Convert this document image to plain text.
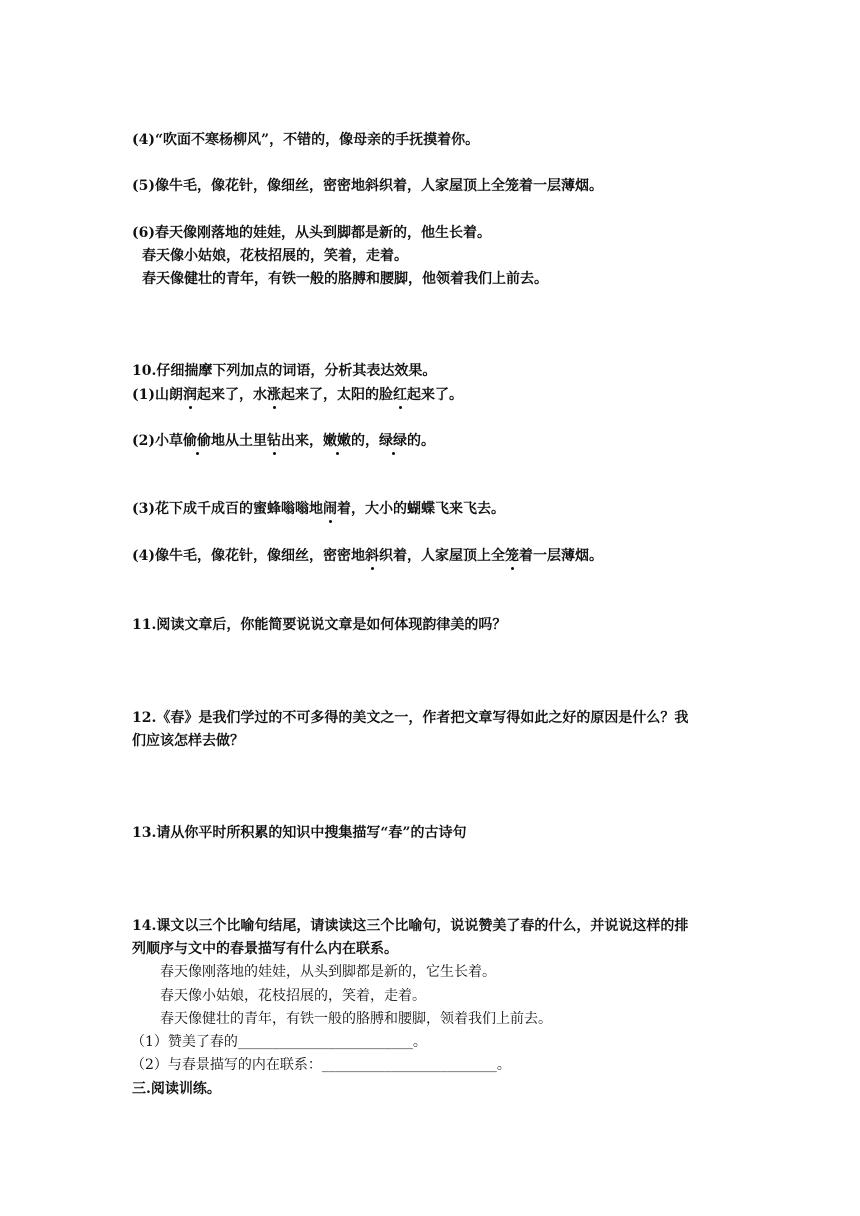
(4)“吹面不寒杨柳风”，不错的，像母亲的手抚摸着你。
(5)像牛毛，像花针，像细丝，密密地斜织着，人家屋顶上全笼着一层薄烟。
(6)春天像刚落地的娃娃，从头到脚都是新的，他生长着。
春天像小姑娘，花枝招展的，笑着，走着。
春天像健壮的青年，有铁一般的胳膊和腰脚，他领着我们上前去。
10.仔细揣摩下列加点的词语，分析其表达效果。
(1)山朗润起来了，水涨起来了，太阳的脸红起来了。
(2)小草偷偷地从土里钻出来，嫩嫩的，绿绿的。
(3)花下成千成百的蜜蜂嗡嗡地闹着，大小的蝴蝶飞来飞去。
(4)像牛毛，像花针，像细丝，密密地斜织着，人家屋顶上全笼着一层薄烟。
11.阅读文章后，你能简要说说文章是如何体现韵律美的吗？
12.《春》是我们学过的不可多得的美文之一，作者把文章写得如此之好的原因是什么？我
们应该怎样去做？
13.请从你平时所积累的知识中搜集描写“春”的古诗句
14.课文以三个比喻句结尾，请读读这三个比喻句，说说赞美了春的什么，并说说这样的排
列顺序与文中的春景描写有什么内在联系。
春天像刚落地的娃娃，从头到脚都是新的，它生长着。
春天像小姑娘，花枝招展的，笑着，走着。
春天像健壮的青年，有铁一般的胳膊和腰脚，领着我们上前去。
（1）赞美了春的_________________________。
（2）与春景描写的内在联系：_________________________。
三.阅读训练。
